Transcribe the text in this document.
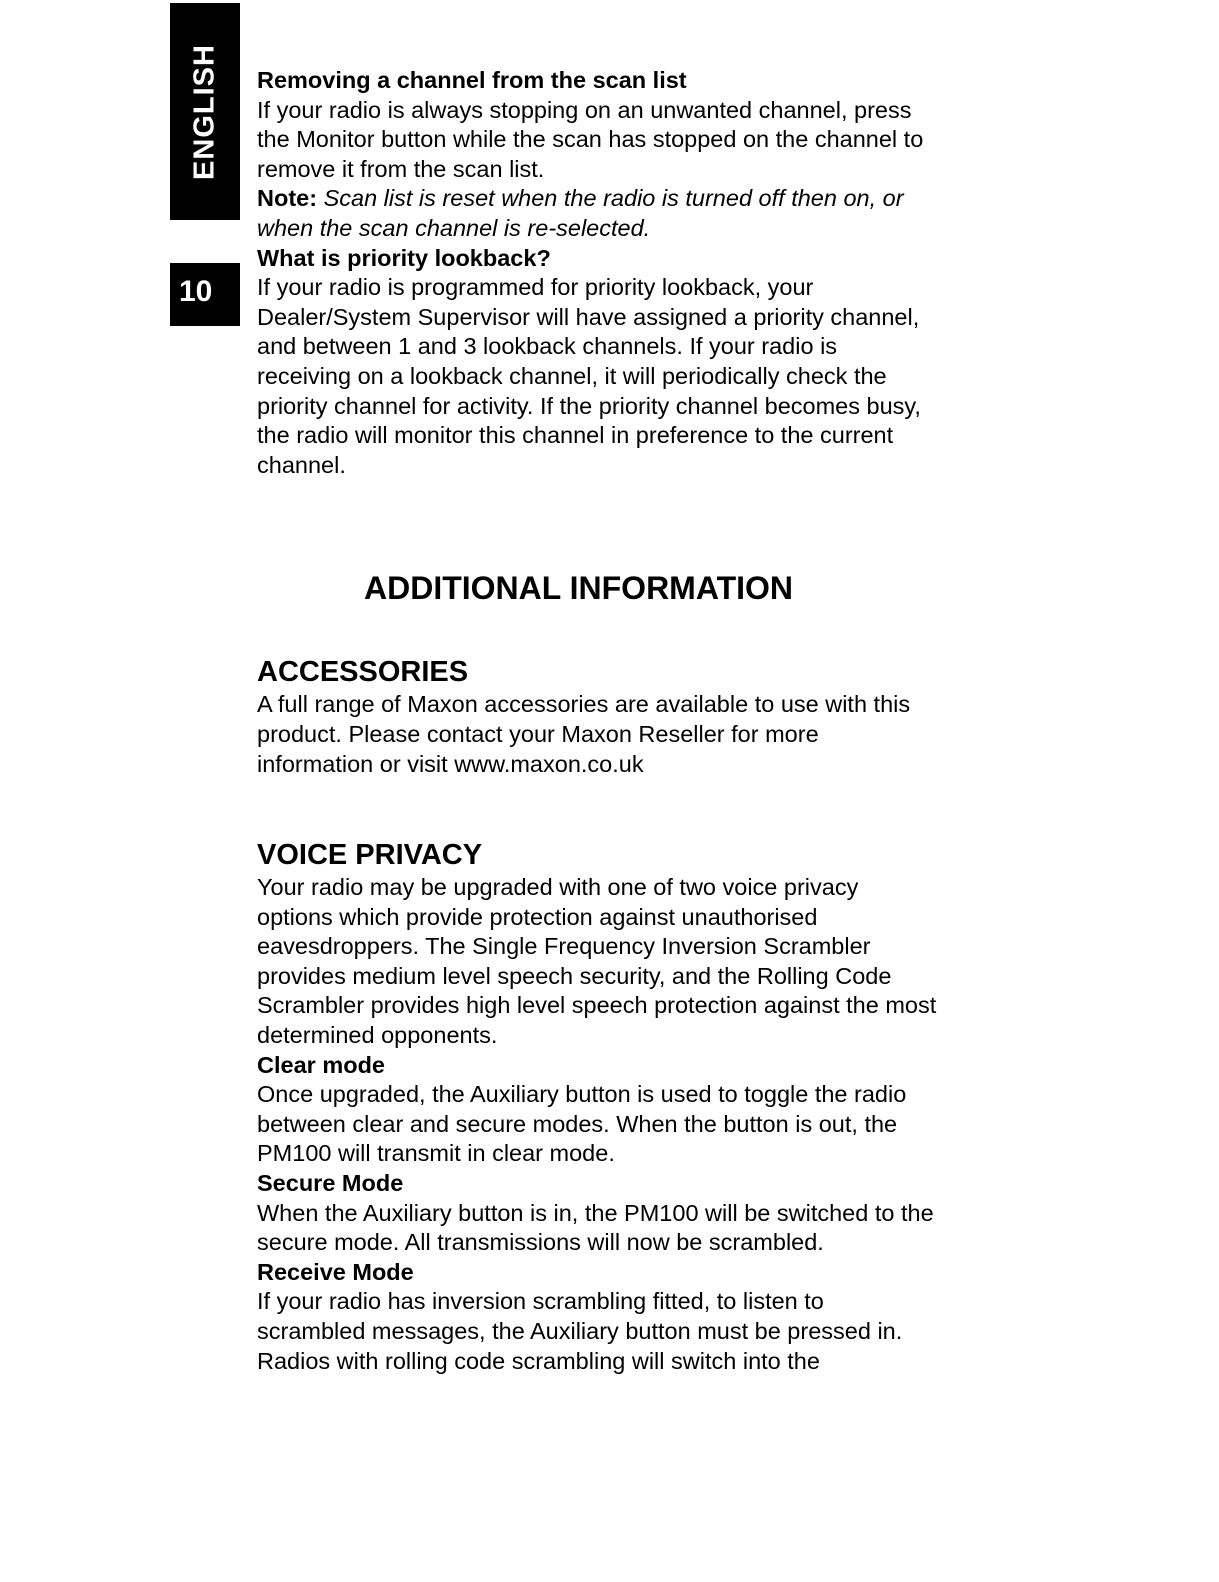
ENGLISH
10

Removing a channel from the scan list

If your radio is always stopping on an unwanted channel, press the Monitor button while the scan has stopped on the channel to remove it from the scan list.

Note: Scan list is reset when the radio is turned off then on, or when the scan channel is re-selected.

What is priority lookback?

If your radio is programmed for priority lookback, your Dealer/System Supervisor will have assigned a priority channel, and between 1 and 3 lookback channels. If your radio is receiving on a lookback channel, it will periodically check the priority channel for activity. If the priority channel becomes busy, the radio will monitor this channel in preference to the current channel.

ADDITIONAL INFORMATION
ACCESSORIES

A full range of Maxon accessories are available to use with this product. Please contact your Maxon Reseller for more information or visit www.maxon.co.uk

VOICE PRIVACY

Your radio may be upgraded with one of two voice privacy options which provide protection against unauthorised eavesdroppers. The Single Frequency Inversion Scrambler provides medium level speech security, and the Rolling Code Scrambler provides high level speech protection against the most determined opponents.

Clear mode

Once upgraded, the Auxiliary button is used to toggle the radio between clear and secure modes. When the button is out, the PM100 will transmit in clear mode.

Secure Mode

When the Auxiliary button is in, the PM100 will be switched to the secure mode. All transmissions will now be scrambled.

Receive Mode

If your radio has inversion scrambling fitted, to listen to scrambled messages, the Auxiliary button must be pressed in. Radios with rolling code scrambling will switch into the
